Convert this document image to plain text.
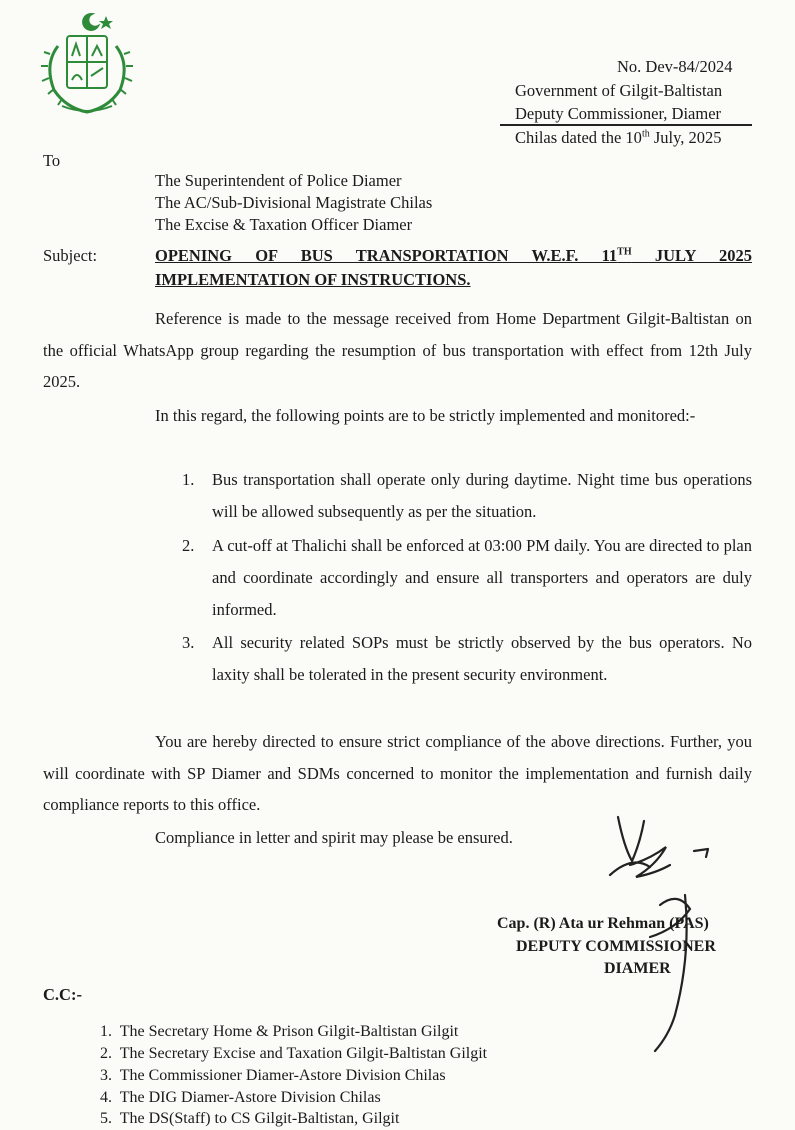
No. Dev-84/2024
Government of Gilgit-Baltistan
Deputy Commissioner, Diamer
Chilas dated the 10th July, 2025
To
The Superintendent of Police Diamer
The AC/Sub-Divisional Magistrate Chilas
The Excise & Taxation Officer Diamer
Subject:	OPENING OF BUS TRANSPORTATION W.E.F. 11TH JULY 2025
IMPLEMENTATION OF INSTRUCTIONS.
Reference is made to the message received from Home Department Gilgit-Baltistan on the official WhatsApp group regarding the resumption of bus transportation with effect from 12th July 2025.
In this regard, the following points are to be strictly implemented and monitored:-
1. Bus transportation shall operate only during daytime. Night time bus operations will be allowed subsequently as per the situation.
2. A cut-off at Thalichi shall be enforced at 03:00 PM daily. You are directed to plan and coordinate accordingly and ensure all transporters and operators are duly informed.
3. All security related SOPs must be strictly observed by the bus operators. No laxity shall be tolerated in the present security environment.
You are hereby directed to ensure strict compliance of the above directions. Further, you will coordinate with SP Diamer and SDMs concerned to monitor the implementation and furnish daily compliance reports to this office.
Compliance in letter and spirit may please be ensured.
Cap. (R) Ata ur Rehman (PAS)
DEPUTY COMMISSIONER
DIAMER
C.C:-
1. The Secretary Home & Prison Gilgit-Baltistan Gilgit
2. The Secretary Excise and Taxation Gilgit-Baltistan Gilgit
3. The Commissioner Diamer-Astore Division Chilas
4. The DIG Diamer-Astore Division Chilas
5. The DS(Staff) to CS Gilgit-Baltistan, Gilgit
